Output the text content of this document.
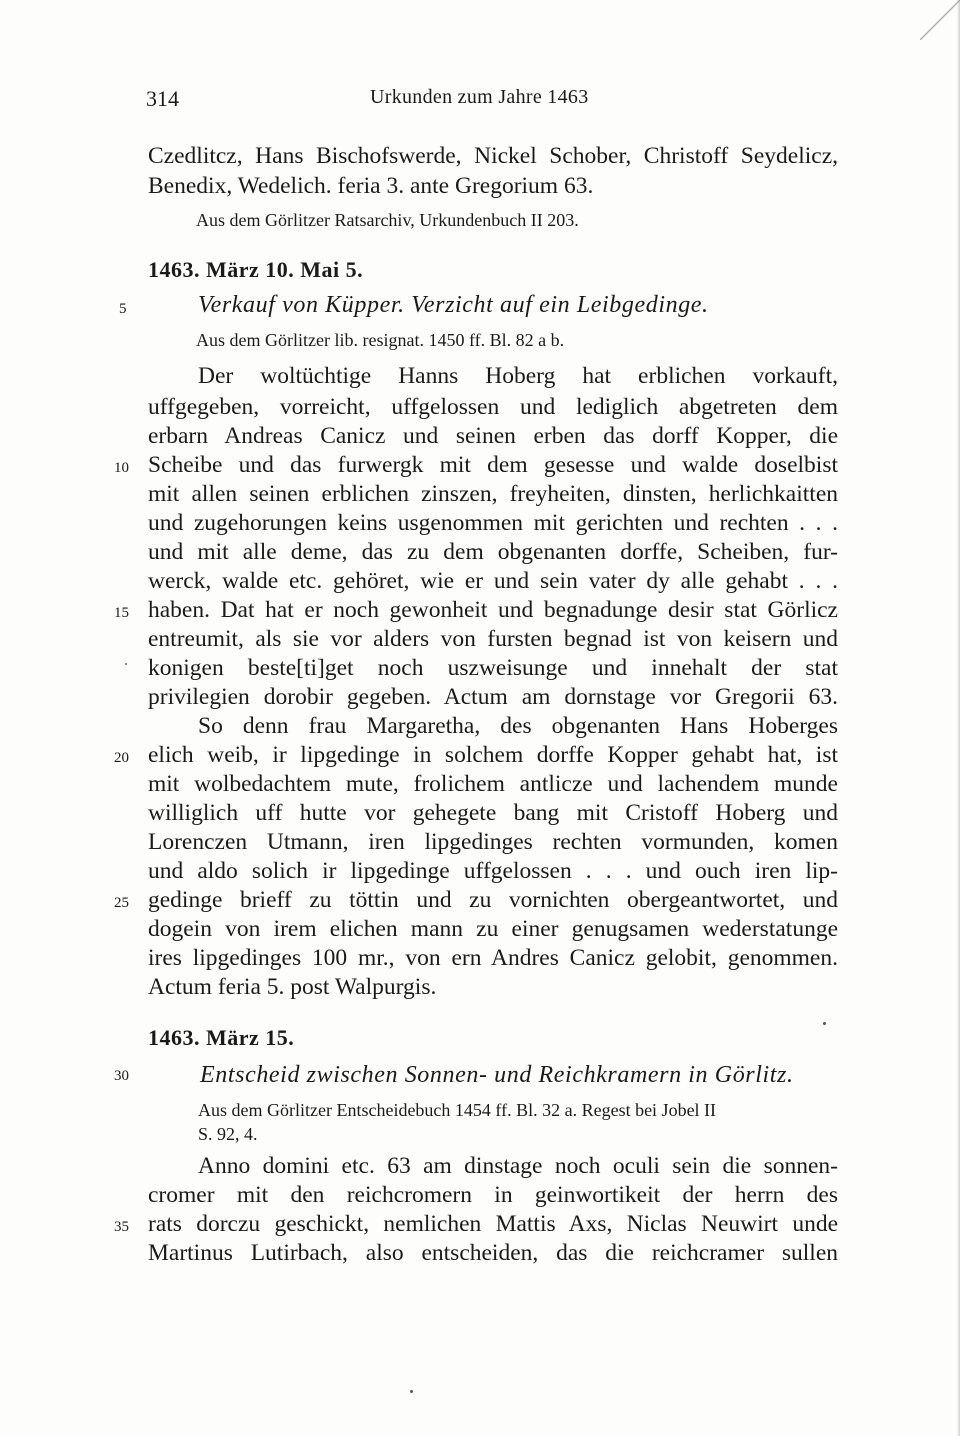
314	Urkunden zum Jahre 1463
Czedlitcz, Hans Bischofswerde, Nickel Schober, Christoff Seydelicz,
Benedix, Wedelich. feria 3. ante Gregorium 63.
Aus dem Görlitzer Ratsarchiv, Urkundenbuch II 203.
1463. März 10. Mai 5.
Verkauf von Küpper. Verzicht auf ein Leibgedinge.
Aus dem Görlitzer lib. resignat. 1450 ff. Bl. 82 a b.
Der woltüchtige Hanns Hoberg hat erblichen vorkauft,
uffgegeben, vorreicht, uffgelossen und lediglich abgetreten dem
erbarn Andreas Canicz und seinen erben das dorff Kopper, die
Scheibe und das furwergk mit dem gesesse und walde doselbist
mit allen seinen erblichen zinszen, freyheiten, dinsten, herlichkaitten
und zugehorungen keins usgenommen mit gerichten und rechten . . .
und mit alle deme, das zu dem obgenanten dorffe, Scheiben, fur-
werck, walde etc. gehöret, wie er und sein vater dy alle gehabt . . .
haben. Dat hat er noch gewonheit und begnadunge desir stat Görlicz
entreumit, als sie vor alders von fursten begnad ist von keisern und
konigen beste[ti]get noch uszweisunge und innehalt der stat
privilegien dorobir gegeben. Actum am dornstage vor Gregorii 63.
So denn frau Margaretha, des obgenanten Hans Hoberges
elich weib, ir lipgedinge in solchem dorffe Kopper gehabt hat, ist
mit wolbedachtem mute, frolichem antlicze und lachendem munde
williglich uff hutte vor gehegete bang mit Cristoff Hoberg und
Lorenczen Utmann, iren lipgedinges rechten vormunden, komen
und aldo solich ir lipgedinge uffgelossen . . . und ouch iren lip-
gedinge brieff zu töttin und zu vornichten obergeantwortet, und
dogein von irem elichen mann zu einer genugsamen wederstatunge
ires lipgedinges 100 mr., von ern Andres Canicz gelobit, genommen.
Actum feria 5. post Walpurgis.
1463. März 15.
Entscheid zwischen Sonnen- und Reichkramern in Görlitz.
Aus dem Görlitzer Entscheidebuch 1454 ff. Bl. 32 a. Regest bei Jobel II
S. 92, 4.
Anno domini etc. 63 am dinstage noch oculi sein die sonnen-
cromer mit den reichcromern in geinwortikeit der herrn des
rats dorczu geschickt, nemlichen Mattis Axs, Niclas Neuwirt unde
Martinus Lutirbach, also entscheiden, das die reichcramer sullen
5
10
15
20
25
30
35
